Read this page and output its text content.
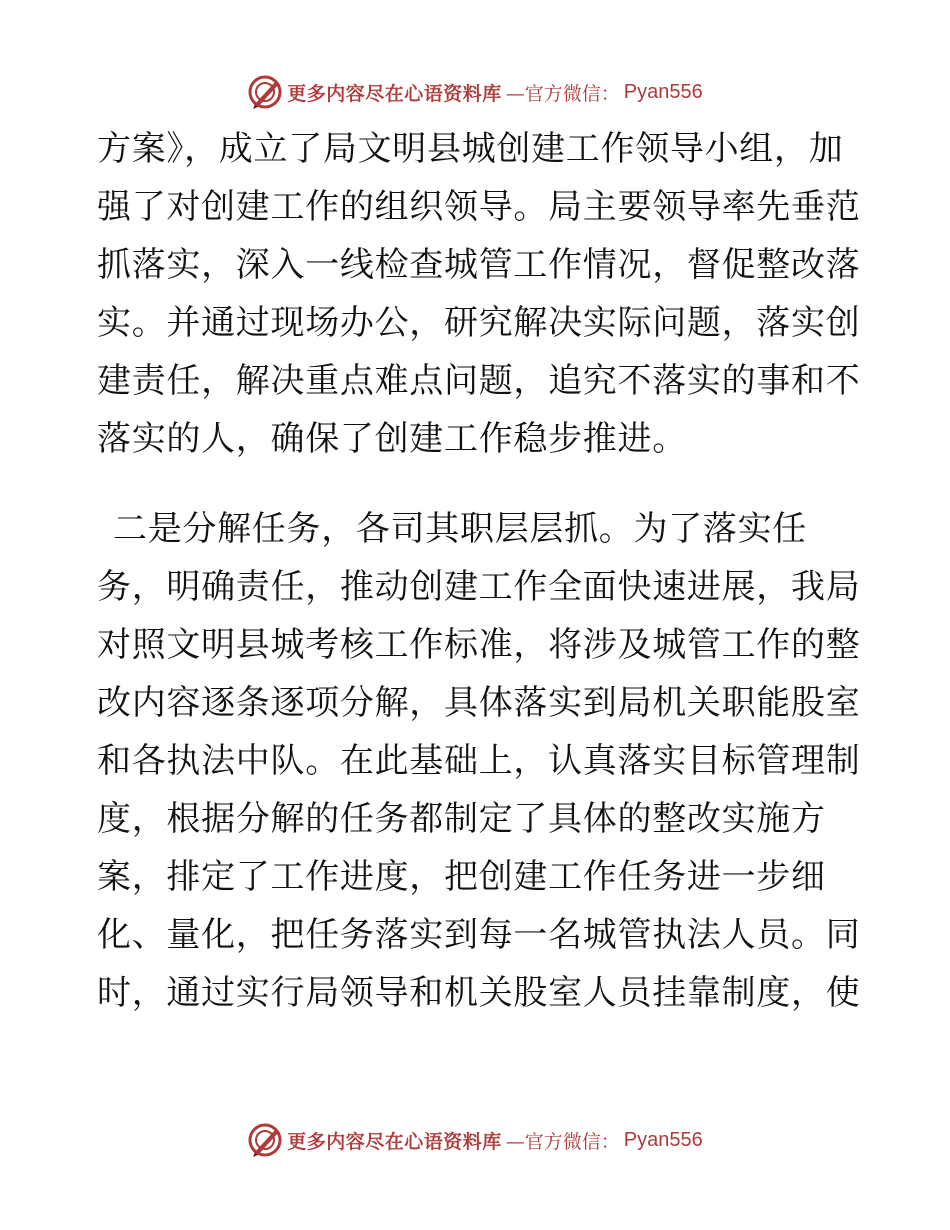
更多内容尽在心语资料库 —官方微信： Pyan556
方案》，成立了局文明县城创建工作领导小组，加
强了对创建工作的组织领导。局主要领导率先垂范
抓落实，深入一线检查城管工作情况，督促整改落
实。并通过现场办公，研究解决实际问题，落实创
建责任，解决重点难点问题，追究不落实的事和不
落实的人，确保了创建工作稳步推进。
二是分解任务，各司其职层层抓。为了落实任
务，明确责任，推动创建工作全面快速进展，我局
对照文明县城考核工作标准，将涉及城管工作的整
改内容逐条逐项分解，具体落实到局机关职能股室
和各执法中队。在此基础上，认真落实目标管理制
度，根据分解的任务都制定了具体的整改实施方
案，排定了工作进度，把创建工作任务进一步细
化、量化，把任务落实到每一名城管执法人员。同
时，通过实行局领导和机关股室人员挂靠制度，使
更多内容尽在心语资料库 —官方微信： Pyan556
